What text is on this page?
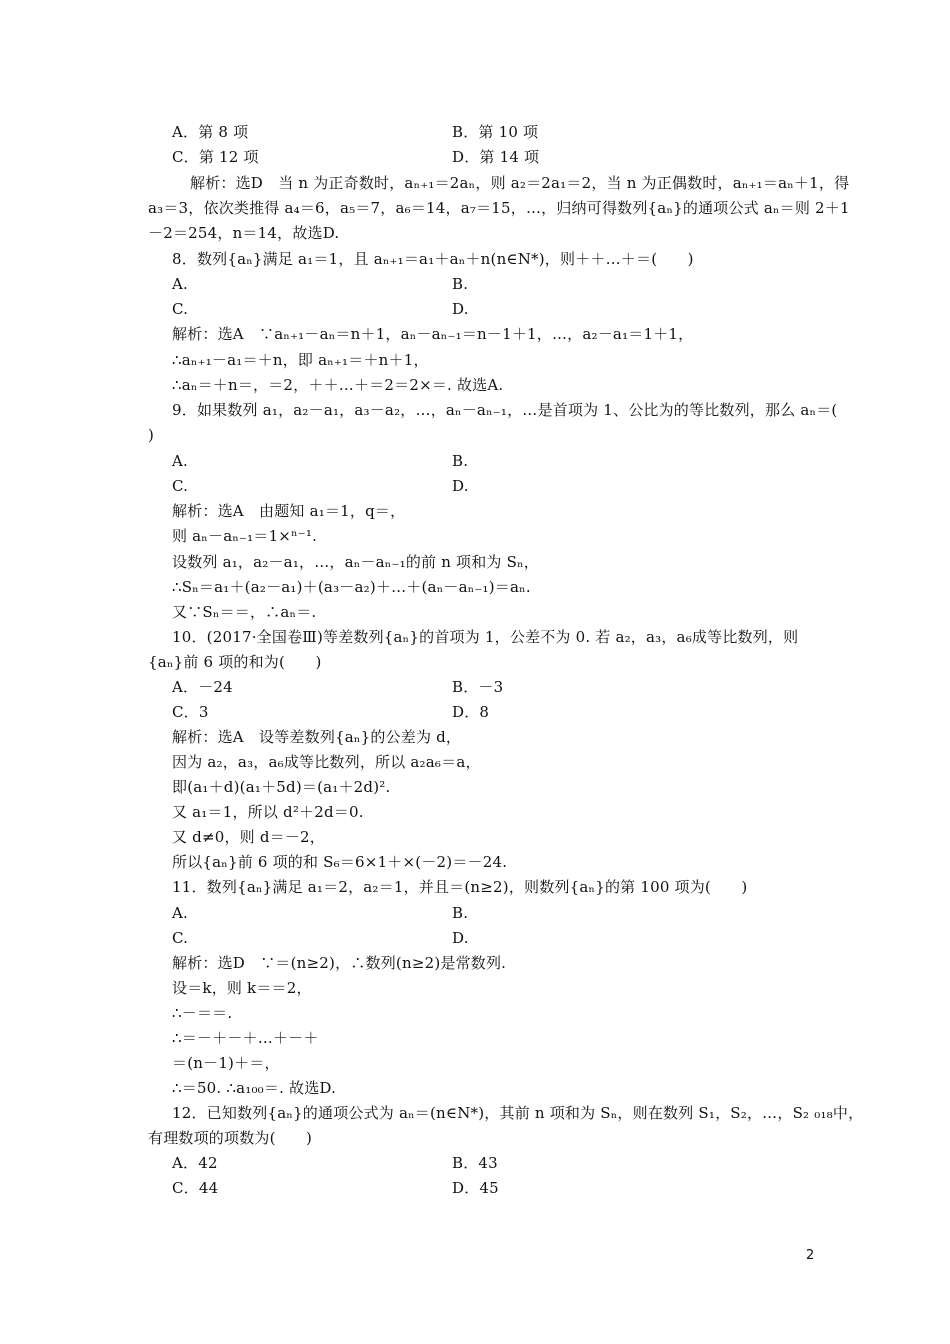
A．第 8 项	B．第 10 项
C．第 12 项	D．第 14 项
解析：选D　当 n 为正奇数时，aₙ₊₁＝2aₙ，则 a₂＝2a₁＝2，当 n 为正偶数时，aₙ₊₁＝aₙ＋1，得
a₃＝3，依次类推得 a₄＝6，a₅＝7，a₆＝14，a₇＝15，…，归纳可得数列{aₙ}的通项公式 aₙ＝则 2＋1
－2＝254，n＝14，故选D.
8．数列{aₙ}满足 a₁＝1，且 aₙ₊₁＝a₁＋aₙ＋n(n∈N*)，则＋＋…＋＝(　　)
A.	B.
C.	D.
解析：选A　∵aₙ₊₁－aₙ＝n＋1，aₙ－aₙ₋₁＝n－1＋1，…，a₂－a₁＝1＋1，
∴aₙ₊₁－a₁＝＋n，即 aₙ₊₁＝＋n＋1，
∴aₙ＝＋n＝，＝2，＋＋…＋＝2＝2×＝. 故选A.
9．如果数列 a₁，a₂－a₁，a₃－a₂，…，aₙ－aₙ₋₁，…是首项为 1、公比为的等比数列，那么 aₙ＝(
)
A.	B.
C.	D.
解析：选A　由题知 a₁＝1，q＝，
则 aₙ－aₙ₋₁＝1×ⁿ⁻¹.
设数列 a₁，a₂－a₁，…，aₙ－aₙ₋₁的前 n 项和为 Sₙ，
∴Sₙ＝a₁＋(a₂－a₁)＋(a₃－a₂)＋…＋(aₙ－aₙ₋₁)＝aₙ.
又∵Sₙ＝＝，∴aₙ＝.
10．(2017·全国卷Ⅲ)等差数列{aₙ}的首项为 1，公差不为 0. 若 a₂，a₃，a₆成等比数列，则
{aₙ}前 6 项的和为(　　)
A．－24	B．－3
C．3	D．8
解析：选A　设等差数列{aₙ}的公差为 d，
因为 a₂，a₃，a₆成等比数列，所以 a₂a₆＝a，
即(a₁＋d)(a₁＋5d)＝(a₁＋2d)².
又 a₁＝1，所以 d²＋2d＝0.
又 d≠0，则 d＝－2，
所以{aₙ}前 6 项的和 S₆＝6×1＋×(－2)＝－24.
11．数列{aₙ}满足 a₁＝2，a₂＝1，并且＝(n≥2)，则数列{aₙ}的第 100 项为(　　)
A.	B.
C.	D.
解析：选D　∵＝(n≥2)，∴数列(n≥2)是常数列.
设＝k，则 k＝＝2，
∴－＝＝.
∴＝－＋－＋…＋－＋
＝(n－1)＋＝，
∴＝50. ∴a₁₀₀＝. 故选D.
12．已知数列{aₙ}的通项公式为 aₙ＝(n∈N*)，其前 n 项和为 Sₙ，则在数列 S₁，S₂，…，S₂ ₀₁₈中，
有理数项的项数为(　　)
A．42	B．43
C．44	D．45
2
